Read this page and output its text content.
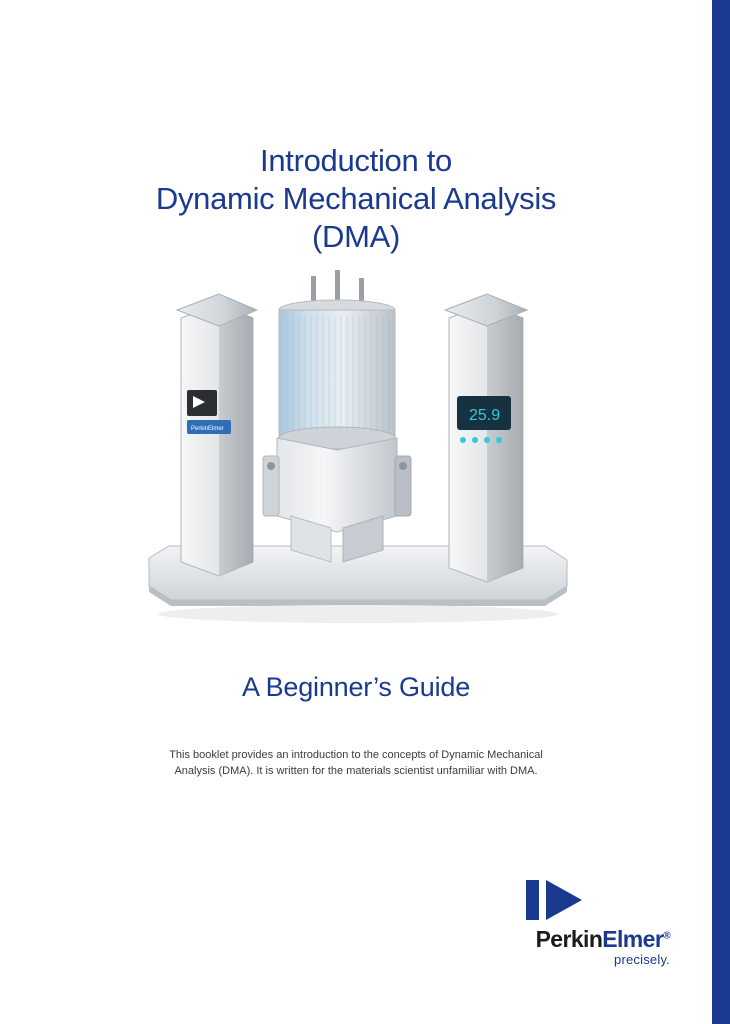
Introduction to
Dynamic Mechanical Analysis
(DMA)
PerkinElmer
25.9
A Beginner’s Guide
This booklet provides an introduction to the concepts of Dynamic Mechanical Analysis (DMA). It is written for the materials scientist unfamiliar with DMA.
PerkinElmer®
precisely.
